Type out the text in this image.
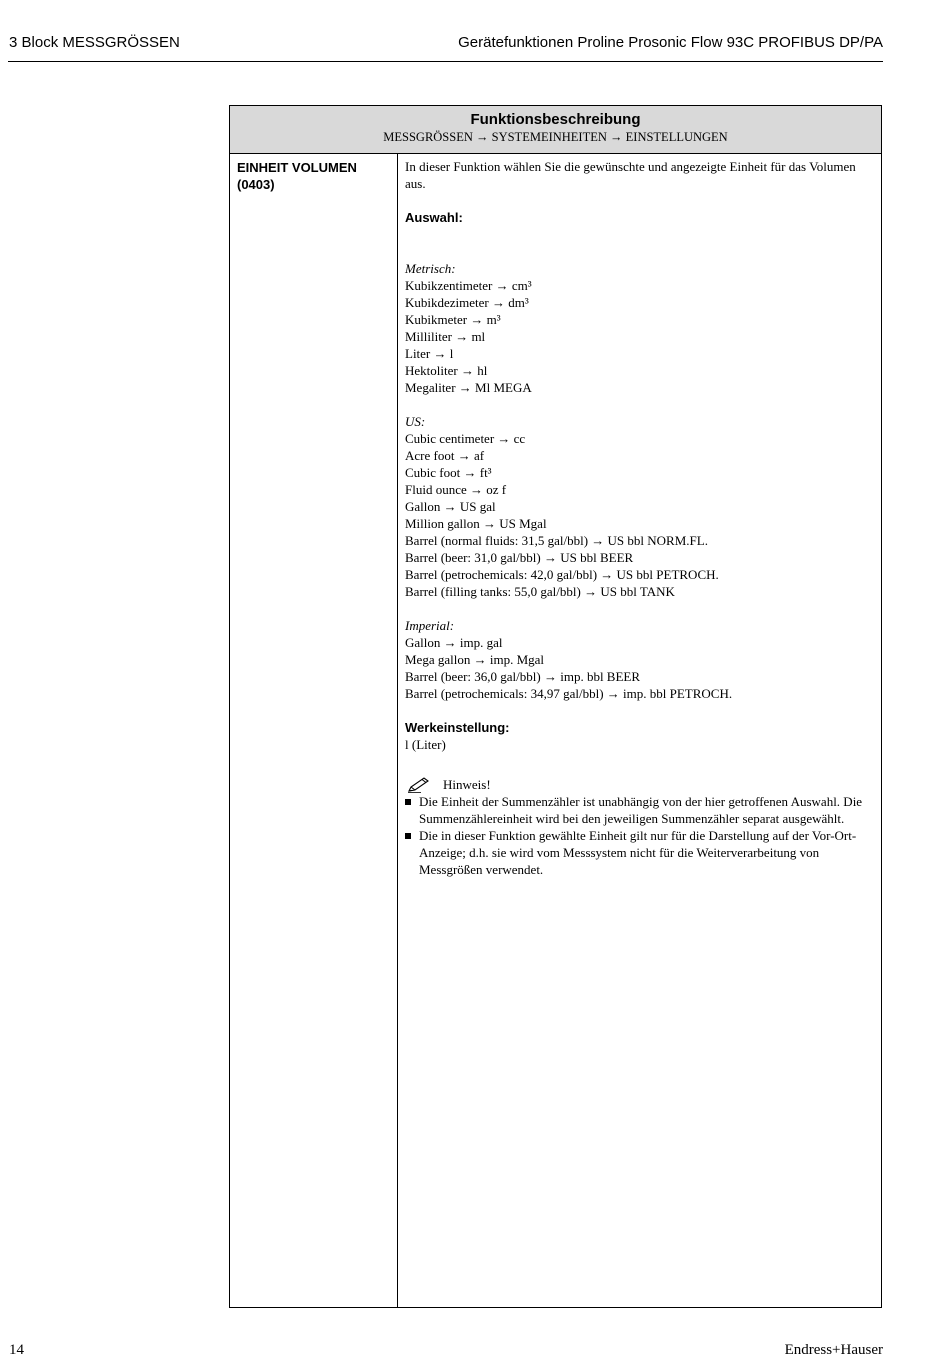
3 Block MESSGRÖSSEN	Gerätefunktionen Proline Prosonic Flow 93C PROFIBUS DP/PA
Funktionsbeschreibung
MESSGRÖSSEN → SYSTEMEINHEITEN → EINSTELLUNGEN
EINHEIT VOLUMEN
(0403)
In dieser Funktion wählen Sie die gewünschte und angezeigte Einheit für das Volumen aus.
Auswahl:
Metrisch:
Kubikzentimeter → cm³
Kubikdezimeter → dm³
Kubikmeter → m³
Milliliter → ml
Liter → l
Hektoliter → hl
Megaliter → Ml MEGA
US:
Cubic centimeter → cc
Acre foot → af
Cubic foot → ft³
Fluid ounce → oz f
Gallon → US gal
Million gallon → US Mgal
Barrel (normal fluids: 31,5 gal/bbl) → US bbl NORM.FL.
Barrel (beer: 31,0 gal/bbl) → US bbl BEER
Barrel (petrochemicals: 42,0 gal/bbl) → US bbl PETROCH.
Barrel (filling tanks: 55,0 gal/bbl) → US bbl TANK
Imperial:
Gallon → imp. gal
Mega gallon → imp. Mgal
Barrel (beer: 36,0 gal/bbl) → imp. bbl BEER
Barrel (petrochemicals: 34,97 gal/bbl) → imp. bbl PETROCH.
Werkeinstellung:
l (Liter)
Hinweis!
Die Einheit der Summenzähler ist unabhängig von der hier getroffenen Auswahl. Die Summenzählereinheit wird bei den jeweiligen Summenzähler separat ausgewählt.
Die in dieser Funktion gewählte Einheit gilt nur für die Darstellung auf der Vor-Ort-Anzeige; d.h. sie wird vom Messsystem nicht für die Weiterverarbeitung von Messgrößen verwendet.
14	Endress+Hauser
